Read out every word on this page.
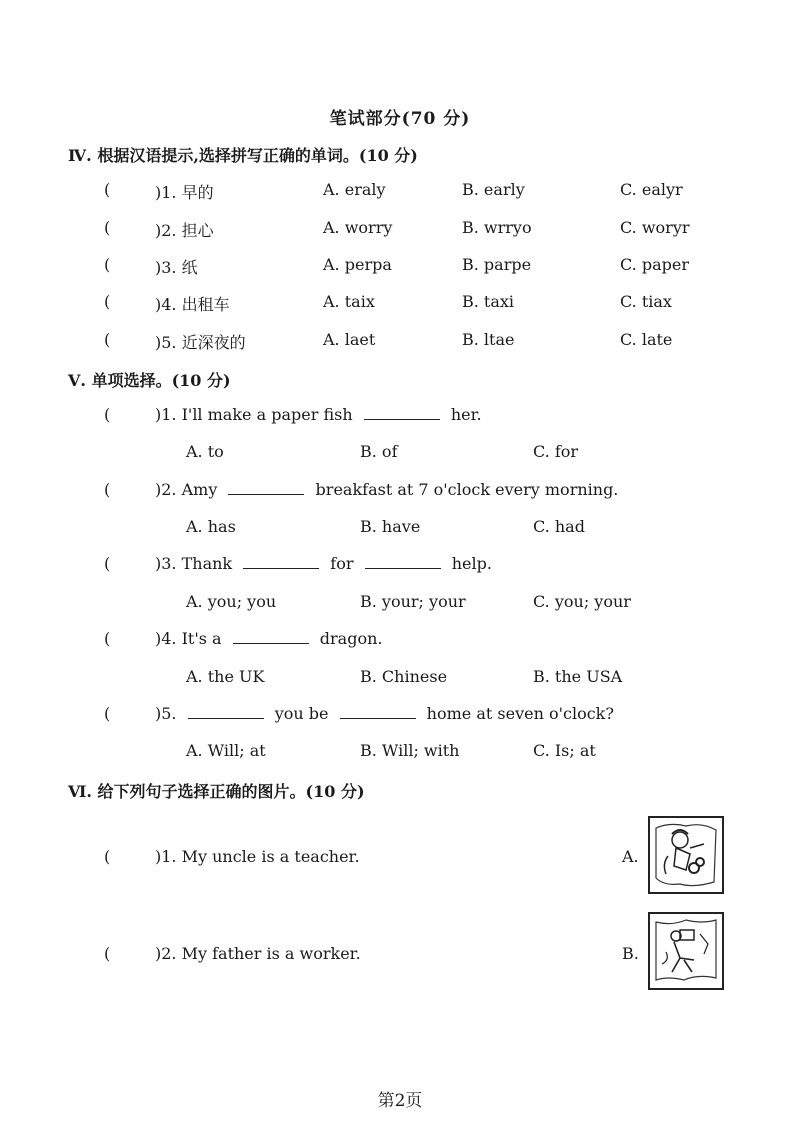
笔试部分(70 分)
Ⅳ. 根据汉语提示,选择拼写正确的单词。(10 分)
(	)1. 早的	A. eraly	B. early	C. ealyr
(	)2. 担心	A. worry	B. wrryo	C. woryr
(	)3. 纸	A. perpa	B. parpe	C. paper
(	)4. 出租车	A. taix	B. taxi	C. tiax
(	)5. 近深夜的	A. laet	B. ltae	C. late
Ⅴ. 单项选择。(10 分)
(	)1. I'll make a paper fish	her.
A. to	B. of	C. for
(	)2. Amy	breakfast at 7 o'clock every morning.
A. has	B. have	C. had
(	)3. Thank	for	help.
A. you; you	B. your; your	C. you; your
(	)4. It's a	dragon.
A. the UK	B. Chinese	B. the USA
(	)5.	you be	home at seven o'clock?
A. Will; at	B. Will; with	C. Is; at
Ⅵ. 给下列句子选择正确的图片。(10 分)
(	)1. My uncle is a teacher.	A.
(	)2. My father is a worker.	B.
第2页
